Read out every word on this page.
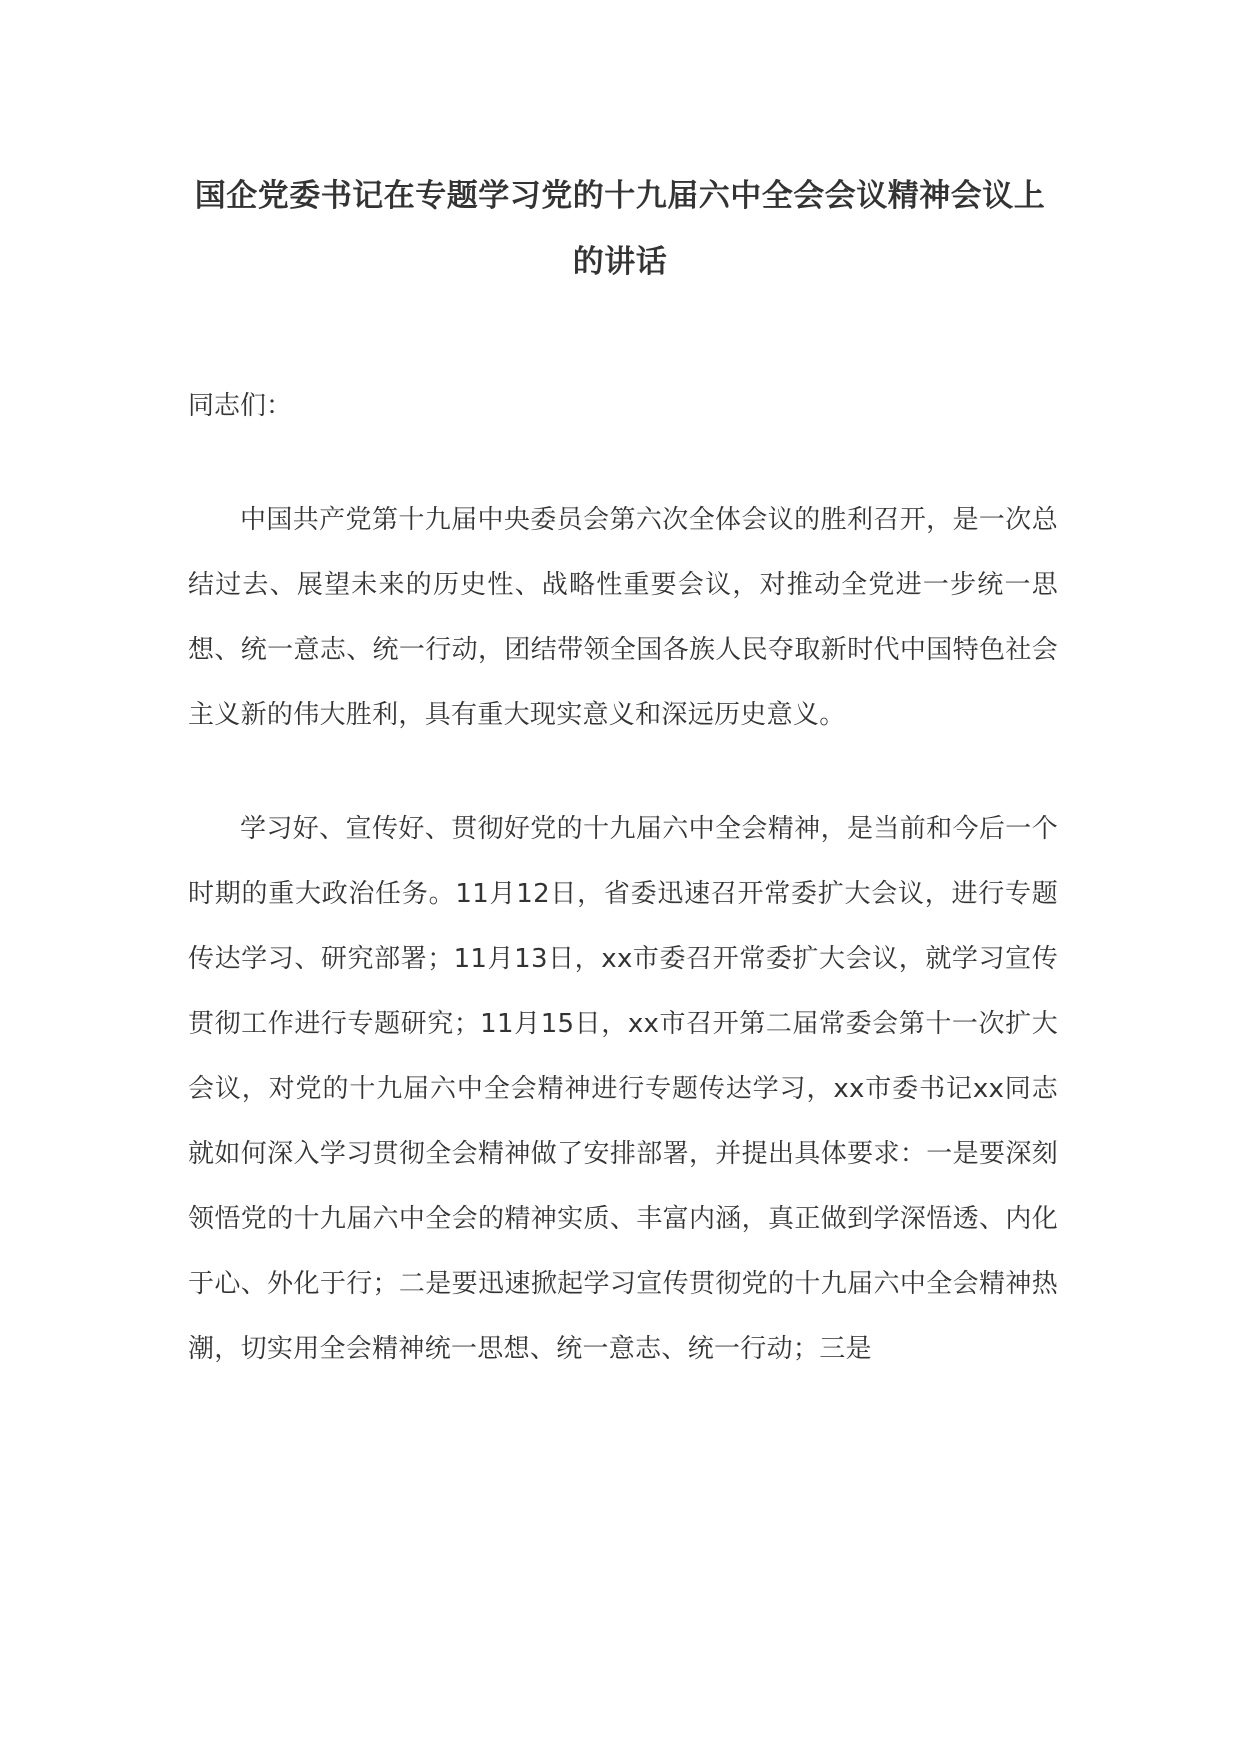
国企党委书记在专题学习党的十九届六中全会会议精神会议上的讲话

同志们：

中国共产党第十九届中央委员会第六次全体会议的胜利召开，是一次总结过去、展望未来的历史性、战略性重要会议，对推动全党进一步统一思想、统一意志、统一行动，团结带领全国各族人民夺取新时代中国特色社会主义新的伟大胜利，具有重大现实意义和深远历史意义。

学习好、宣传好、贯彻好党的十九届六中全会精神，是当前和今后一个时期的重大政治任务。11月12日，省委迅速召开常委扩大会议，进行专题传达学习、研究部署；11月13日，xx市委召开常委扩大会议，就学习宣传贯彻工作进行专题研究；11月15日，xx市召开第二届常委会第十一次扩大会议，对党的十九届六中全会精神进行专题传达学习，xx市委书记xx同志就如何深入学习贯彻全会精神做了安排部署，并提出具体要求：一是要深刻领悟党的十九届六中全会的精神实质、丰富内涵，真正做到学深悟透、内化于心、外化于行；二是要迅速掀起学习宣传贯彻党的十九届六中全会精神热潮，切实用全会精神统一思想、统一意志、统一行动；三是
